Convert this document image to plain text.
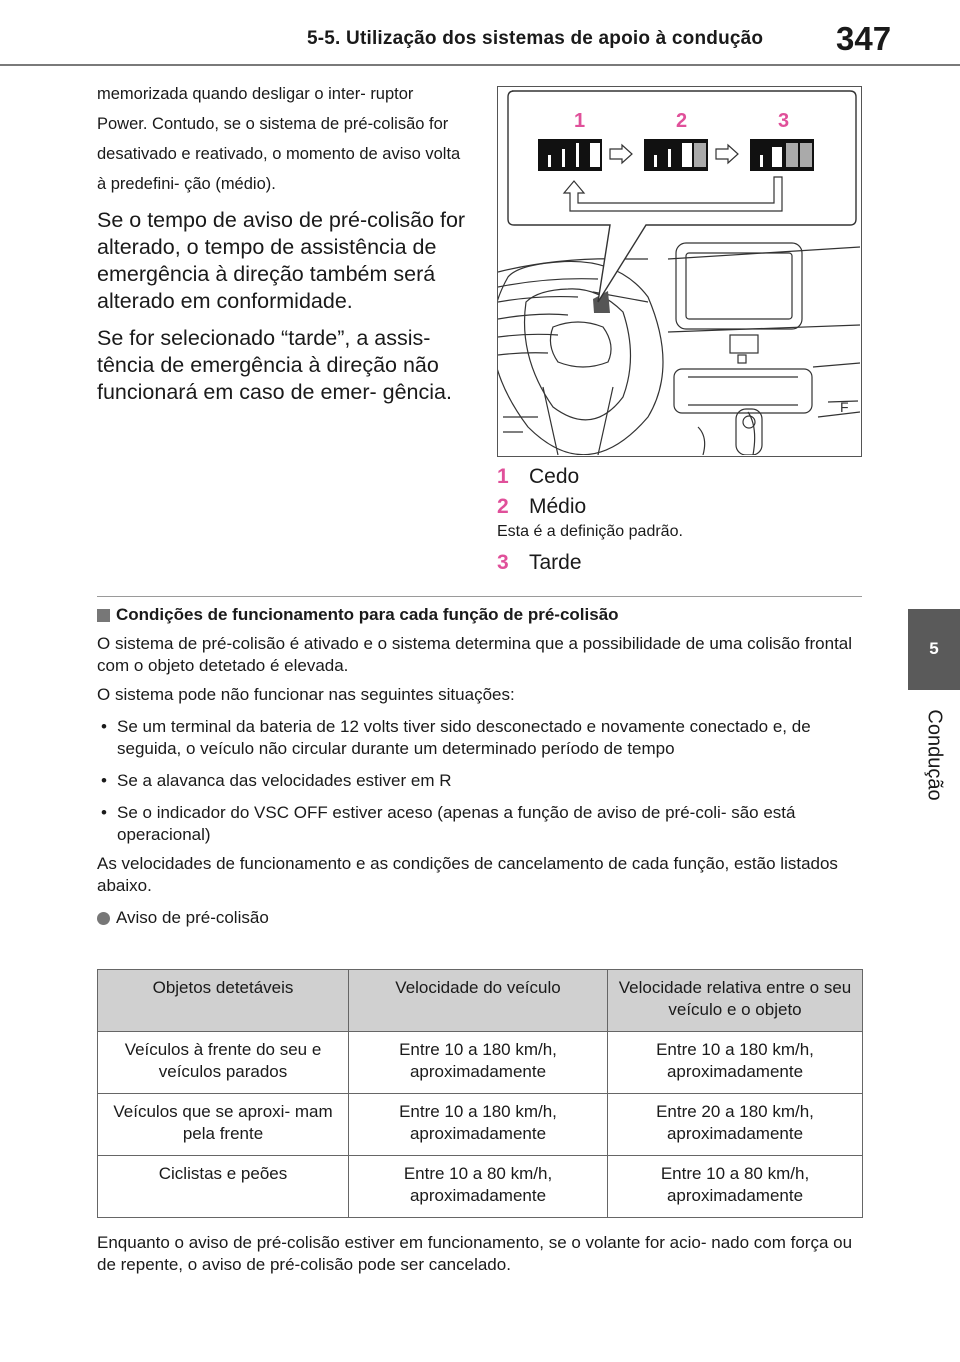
5-5. Utilização dos sistemas de apoio à condução 347
5
Condução

memorizada quando desligar o inter- ruptor Power. Contudo, se o sistema de pré-colisão for desativado e reativado, o momento de aviso volta à predefini- ção (médio).

Se o tempo de aviso de pré-colisão for alterado, o tempo de assistência de emergência à direção também será alterado em conformidade.

Se for selecionado “tarde”, a assis- tência de emergência à direção não funcionará em caso de emer- gência.

F
1	2	3
1 Cedo
2 Médio
Esta é a definição padrão.
3 Tarde
Condições de funcionamento para cada função de pré-colisão

O sistema de pré-colisão é ativado e o sistema determina que a possibilidade de uma colisão frontal com o objeto detetado é elevada.

O sistema pode não funcionar nas seguintes situações:

• Se um terminal da bateria de 12 volts tiver sido desconectado e novamente conectado e, de seguida, o veículo não circular durante um determinado período de tempo
• Se a alavanca das velocidades estiver em R
• Se o indicador do VSC OFF estiver aceso (apenas a função de aviso de pré-coli- são está operacional)

As velocidades de funcionamento e as condições de cancelamento de cada função, estão listados abaixo.

Aviso de pré-colisão
Objetos detetáveis	Velocidade do veículo	Velocidade relativa entre o seu veículo e o objeto
Veículos à frente do seu e veículos parados	Entre 10 a 180 km/h, aproximadamente	Entre 10 a 180 km/h, aproximadamente
Veículos que se aproxi- mam pela frente	Entre 10 a 180 km/h, aproximadamente	Entre 20 a 180 km/h, aproximadamente
Ciclistas e peões	Entre 10 a 80 km/h, aproximadamente	Entre 10 a 80 km/h, aproximadamente
Enquanto o aviso de pré-colisão estiver em funcionamento, se o volante for acio- nado com força ou de repente, o aviso de pré-colisão pode ser cancelado.
